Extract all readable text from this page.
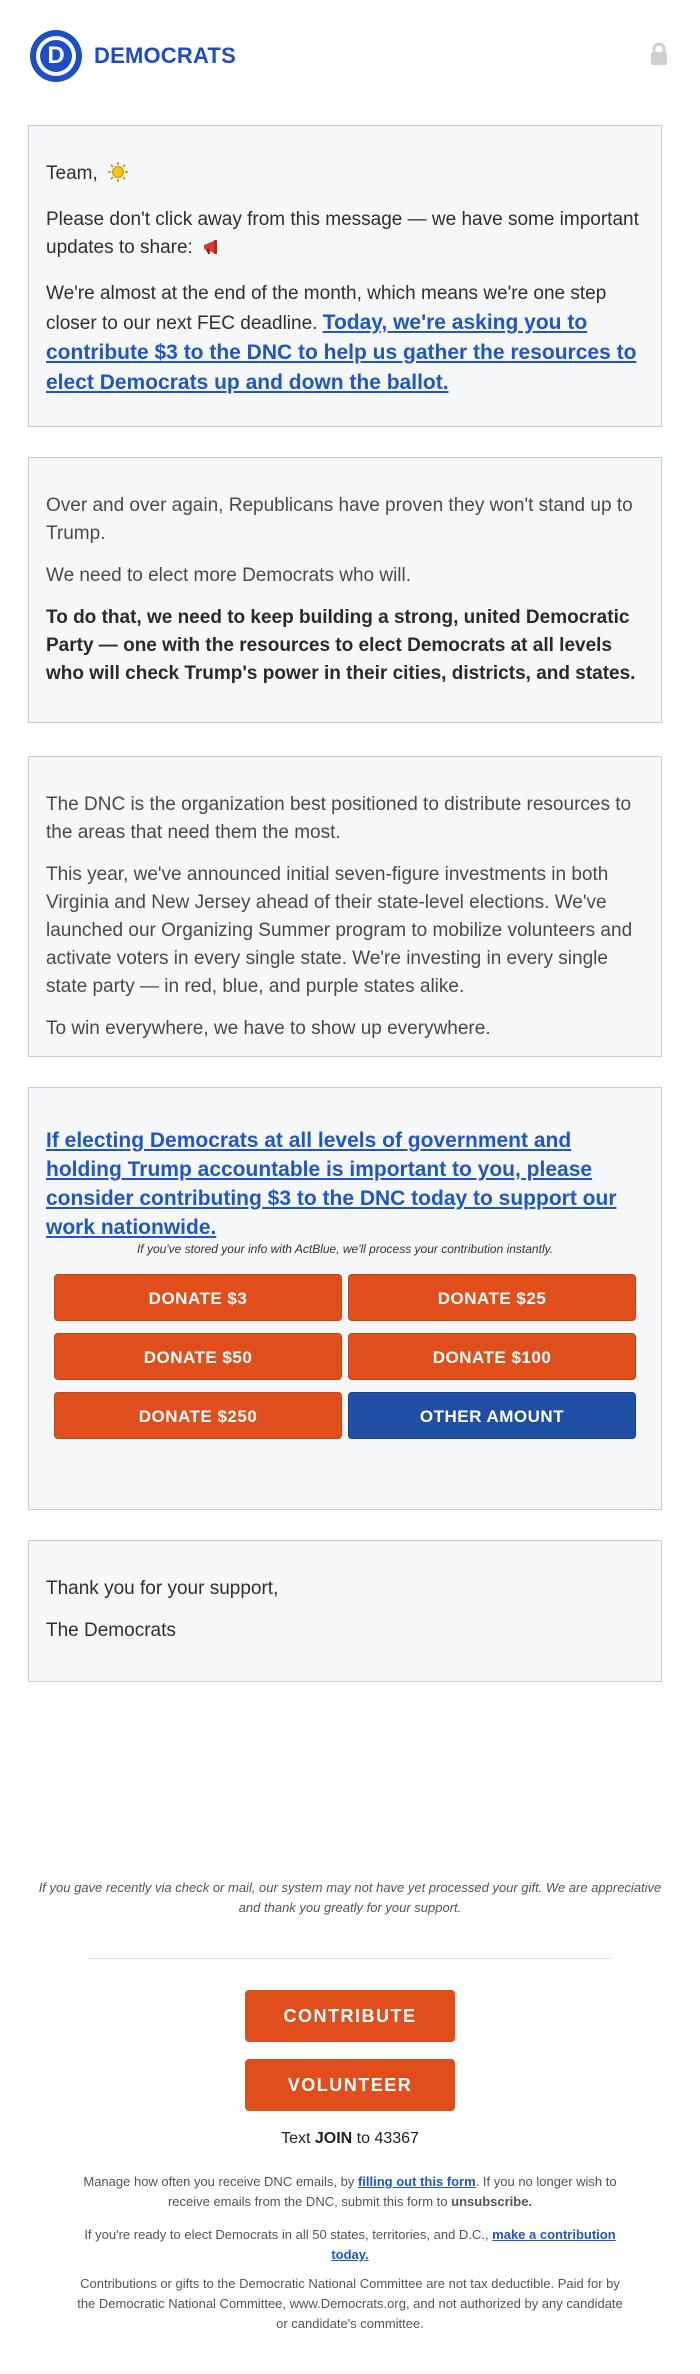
D	DEMOCRATS

Team,

Please don't click away from this message — we have some important updates to share:

We're almost at the end of the month, which means we're one step closer to our next FEC deadline. Today, we're asking you to contribute $3 to the DNC to help us gather the resources to elect Democrats up and down the ballot.

Over and over again, Republicans have proven they won't stand up to Trump.

We need to elect more Democrats who will.

To do that, we need to keep building a strong, united Democratic Party — one with the resources to elect Democrats at all levels who will check Trump's power in their cities, districts, and states.

The DNC is the organization best positioned to distribute resources to the areas that need them the most.

This year, we've announced initial seven-figure investments in both Virginia and New Jersey ahead of their state-level elections. We've launched our Organizing Summer program to mobilize volunteers and activate voters in every single state. We're investing in every single state party — in red, blue, and purple states alike.

To win everywhere, we have to show up everywhere.

If electing Democrats at all levels of government and holding Trump accountable is important to you, please consider contributing $3 to the DNC today to support our work nationwide.

If you've stored your info with ActBlue, we'll process your contribution instantly.

DONATE $3	DONATE $25
DONATE $50	DONATE $100
DONATE $250	OTHER AMOUNT

Thank you for your support,

The Democrats

If you gave recently via check or mail, our system may not have yet processed your gift. We are appreciative and thank you greatly for your support.

CONTRIBUTE
VOLUNTEER
Text JOIN to 43367

Manage how often you receive DNC emails, by filling out this form. If you no longer wish to receive emails from the DNC, submit this form to unsubscribe.

If you're ready to elect Democrats in all 50 states, territories, and D.C., make a contribution today.

Contributions or gifts to the Democratic National Committee are not tax deductible. Paid for by the Democratic National Committee, www.Democrats.org, and not authorized by any candidate or candidate's committee.
